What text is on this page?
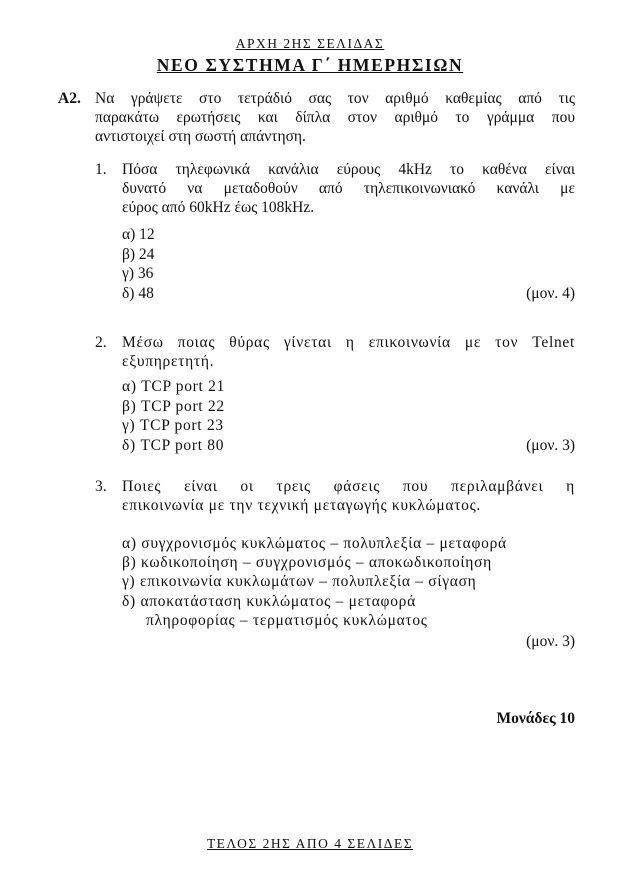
ΑΡΧΗ 2ΗΣ ΣΕΛΙΔΑΣ
ΝΕΟ ΣΥΣΤΗΜΑ Γ΄ ΗΜΕΡΗΣΙΩΝ
Α2. Να γράψετε στο τετράδιό σας τον αριθμό καθεμίας από τις
παρακάτω ερωτήσεις και δίπλα στον αριθμό το γράμμα που
αντιστοιχεί στη σωστή απάντηση.
1. Πόσα τηλεφωνικά κανάλια εύρους 4kHz το καθένα είναι
δυνατό να μεταδοθούν από τηλεπικοινωνιακό κανάλι με
εύρος από 60kHz έως 108kHz.
α) 12
β) 24
γ) 36
δ) 48	(μον. 4)
2. Μέσω ποιας θύρας γίνεται η επικοινωνία με τον Telnet
εξυπηρετητή.
α) TCP port 21
β) TCP port 22
γ) TCP port 23
δ) TCP port 80	(μον. 3)
3. Ποιες είναι οι τρεις φάσεις που περιλαμβάνει η
επικοινωνία με την τεχνική μεταγωγής κυκλώματος.
α) συγχρονισμός κυκλώματος – πολυπλεξία – μεταφορά
β) κωδικοποίηση – συγχρονισμός – αποκωδικοποίηση
γ) επικοινωνία κυκλωμάτων – πολυπλεξία – σίγαση
δ) αποκατάσταση κυκλώματος – μεταφορά
πληροφορίας – τερματισμός κυκλώματος
(μον. 3)
Μονάδες 10
ΤΕΛΟΣ 2ΗΣ ΑΠΟ 4 ΣΕΛΙΔΕΣ
